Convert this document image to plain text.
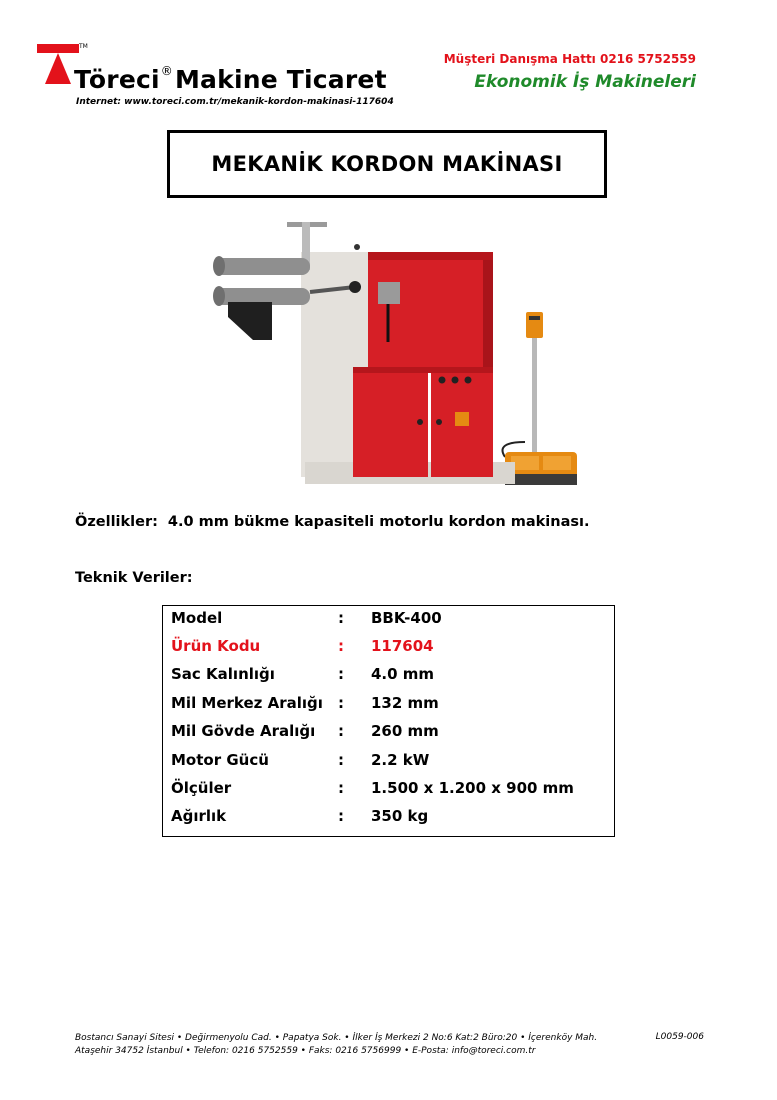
TM
Töreci®Makine Ticaret
Internet: www.toreci.com.tr/mekanik-kordon-makinasi-117604
Müşteri Danışma Hattı 0216 5752559
Ekonomik İş Makineleri
MEKANİK KORDON MAKİNASI
Özellikler: 4.0 mm bükme kapasiteli motorlu kordon makinası.
Teknik Veriler:
Model	: BBK-400
Ürün Kodu	: 117604
Sac Kalınlığı	: 4.0 mm
Mil Merkez Aralığı : 132 mm
Mil Gövde Aralığı : 260 mm
Motor Gücü	: 2.2 kW
Ölçüler	: 1.500 x 1.200 x 900 mm
Ağırlık	: 350 kg
Bostancı Sanayi Sitesi • Değirmenyolu Cad. • Papatya Sok. • İlker İş Merkezi 2 No:6 Kat:2 Büro:20 • İçerenköy Mah.
Ataşehir 34752 İstanbul • Telefon: 0216 5752559 • Faks: 0216 5756999 • E-Posta: info@toreci.com.tr
L0059-006
